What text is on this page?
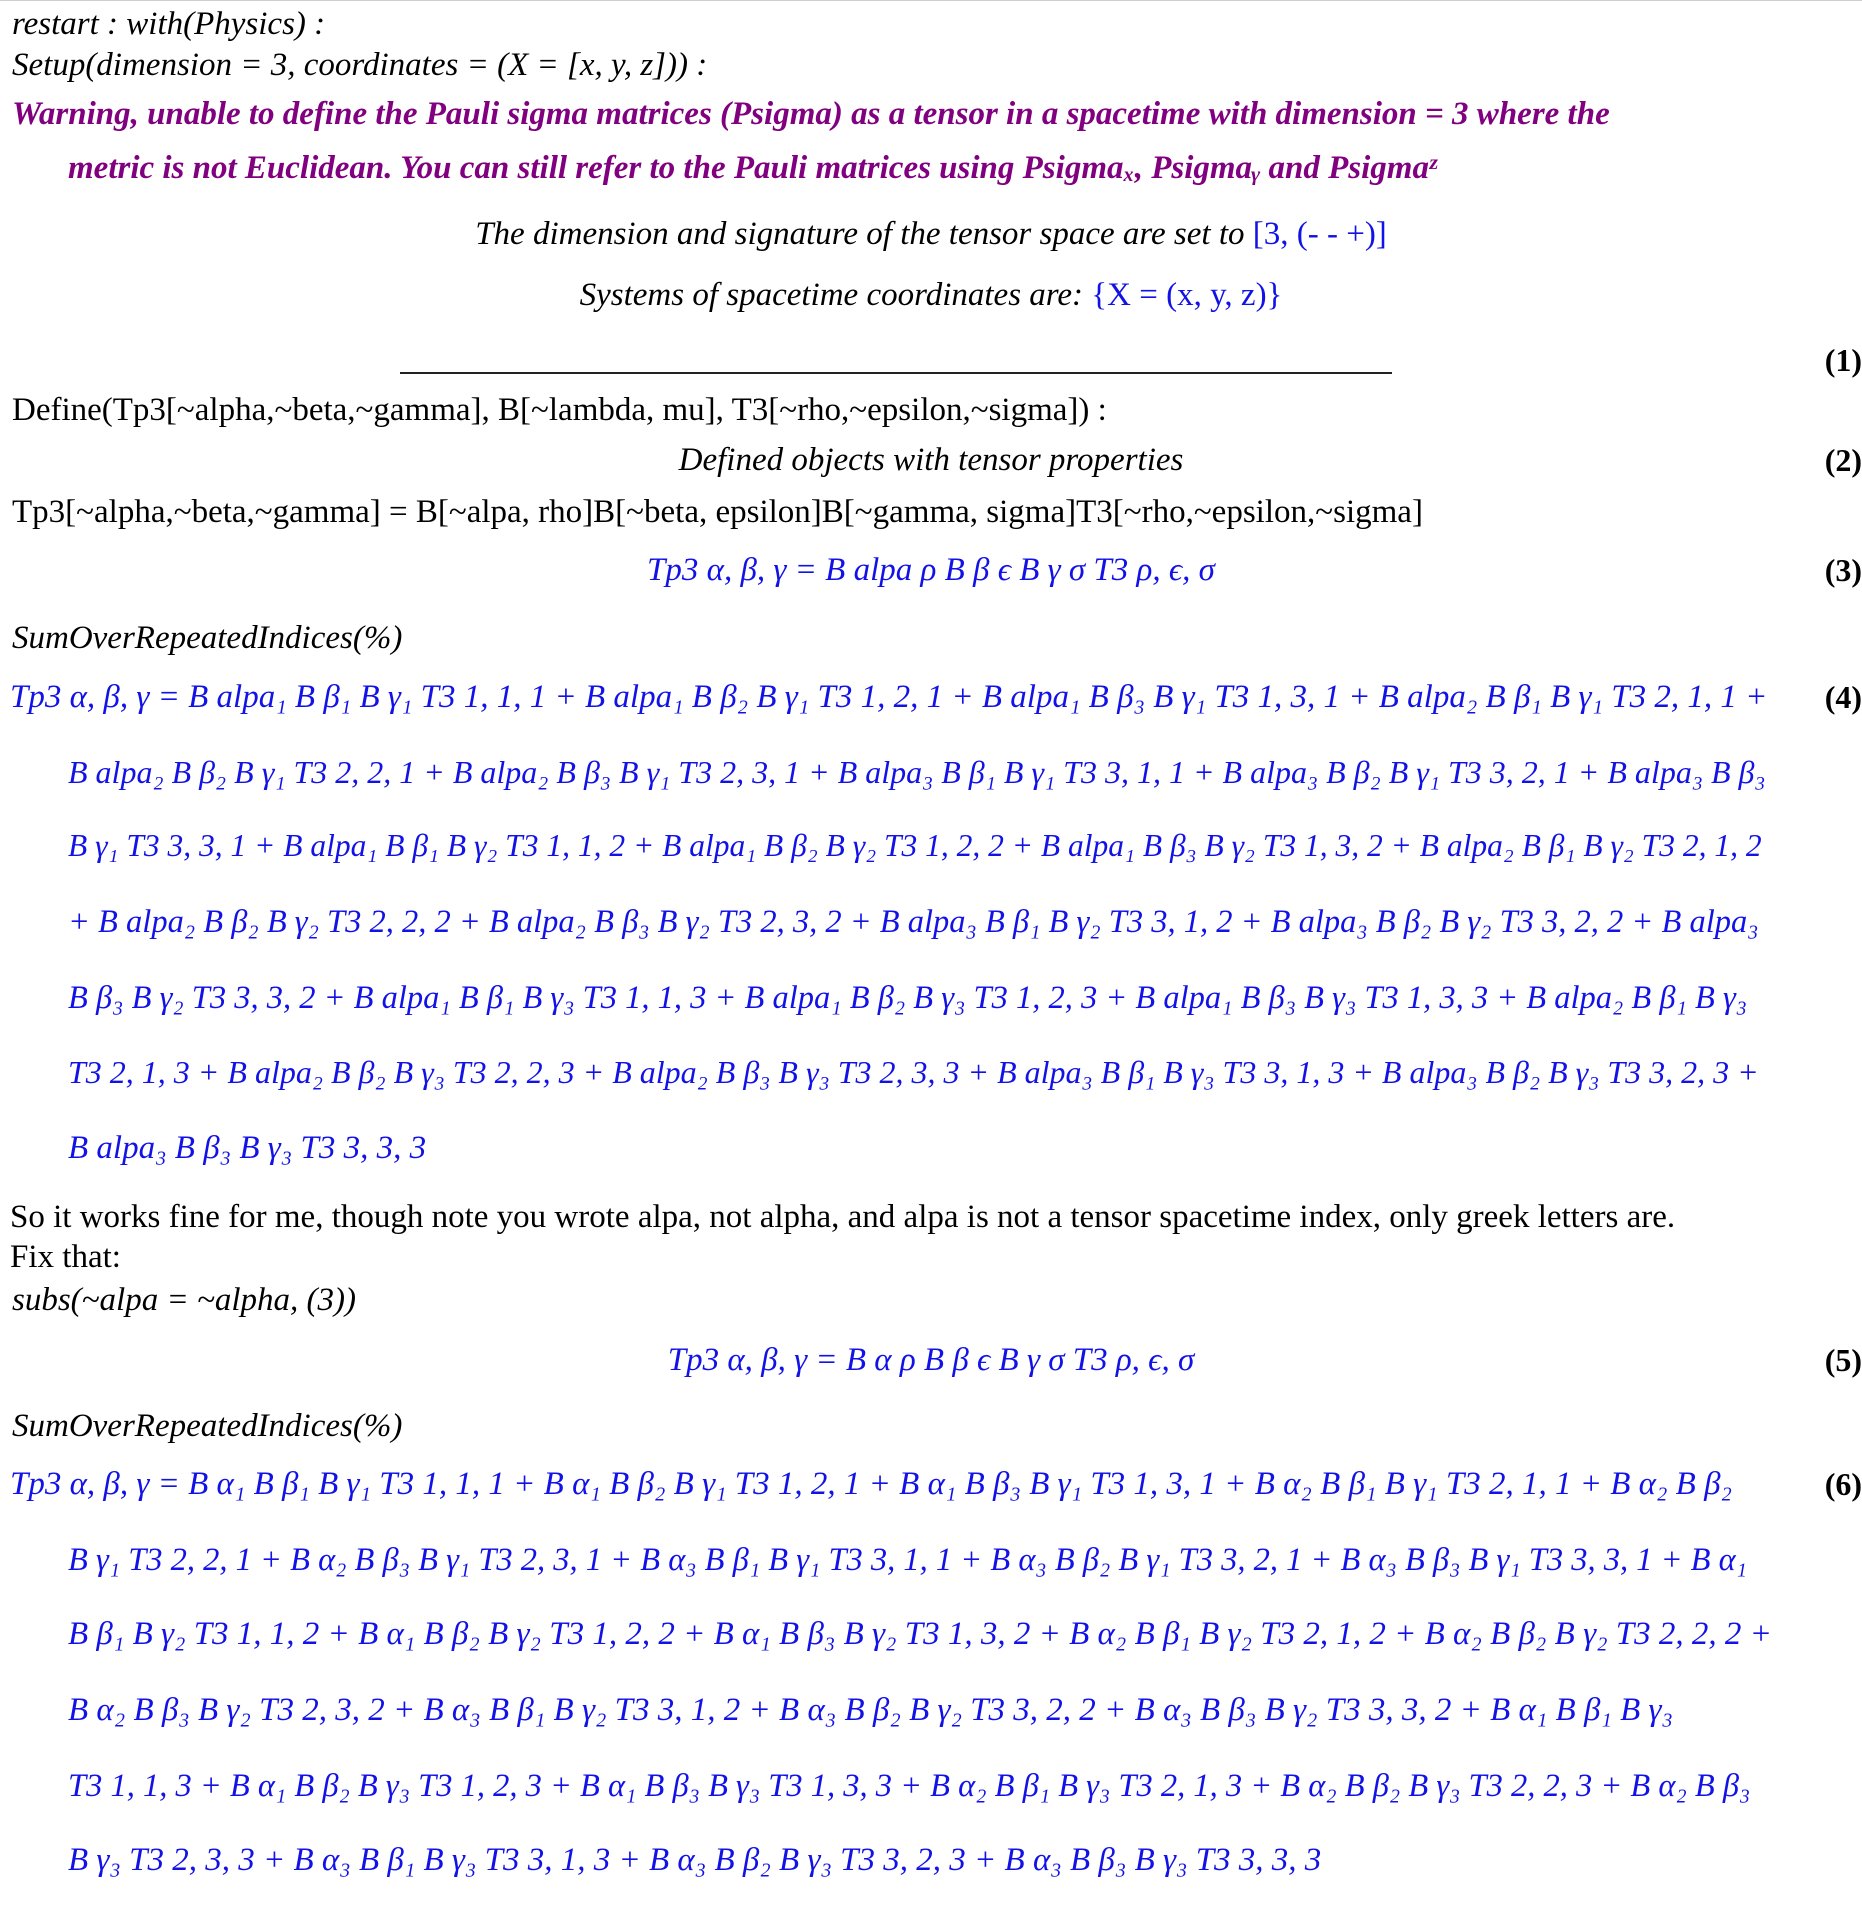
restart : with(Physics) :
Setup(dimension = 3, coordinates = (X = [x, y, z])) :
Warning, unable to define the Pauli sigma matrices (Psigma) as a tensor in a spacetime with dimension = 3 where the
metric is not Euclidean. You can still refer to the Pauli matrices using Psigmaₓ, Psigmaᵧ and Psigmaᶻ
The dimension and signature of the tensor space are set to [3, (- - +)]
Systems of spacetime coordinates are: {X = (x, y, z)}
(1)
Define(Tp3[~alpha,~beta,~gamma], B[~lambda, mu], T3[~rho,~epsilon,~sigma]) :
Defined objects with tensor properties	(2)
Tp3[~alpha,~beta,~gamma] = B[~alpa, rho]B[~beta, epsilon]B[~gamma, sigma]T3[~rho,~epsilon,~sigma]
Tp3 α, β, γ = B alpa ρ B β ϵ B γ σ T3 ρ, ϵ, σ	(3)
SumOverRepeatedIndices(%)
(4)
Tp3 α, β, γ = B alpa₁ B β₁ B γ₁ T3 1, 1, 1 + B alpa₁ B β₂ B γ₁ T3 1, 2, 1 + B alpa₁ B β₃ B γ₁ T3 1, 3, 1 + B alpa₂ B β₁ B γ₁ T3 2, 1, 1 +
B alpa₂ B β₂ B γ₁ T3 2, 2, 1 + B alpa₂ B β₃ B γ₁ T3 2, 3, 1 + B alpa₃ B β₁ B γ₁ T3 3, 1, 1 + B alpa₃ B β₂ B γ₁ T3 3, 2, 1 + B alpa₃ B β₃
B γ₁ T3 3, 3, 1 + B alpa₁ B β₁ B γ₂ T3 1, 1, 2 + B alpa₁ B β₂ B γ₂ T3 1, 2, 2 + B alpa₁ B β₃ B γ₂ T3 1, 3, 2 + B alpa₂ B β₁ B γ₂ T3 2, 1, 2
+ B alpa₂ B β₂ B γ₂ T3 2, 2, 2 + B alpa₂ B β₃ B γ₂ T3 2, 3, 2 + B alpa₃ B β₁ B γ₂ T3 3, 1, 2 + B alpa₃ B β₂ B γ₂ T3 3, 2, 2 + B alpa₃
B β₃ B γ₂ T3 3, 3, 2 + B alpa₁ B β₁ B γ₃ T3 1, 1, 3 + B alpa₁ B β₂ B γ₃ T3 1, 2, 3 + B alpa₁ B β₃ B γ₃ T3 1, 3, 3 + B alpa₂ B β₁ B γ₃
T3 2, 1, 3 + B alpa₂ B β₂ B γ₃ T3 2, 2, 3 + B alpa₂ B β₃ B γ₃ T3 2, 3, 3 + B alpa₃ B β₁ B γ₃ T3 3, 1, 3 + B alpa₃ B β₂ B γ₃ T3 3, 2, 3 +
B alpa₃ B β₃ B γ₃ T3 3, 3, 3
So it works fine for me, though note you wrote alpa, not alpha, and alpa is not a tensor spacetime index, only greek letters are.
Fix that:
subs(~alpa = ~alpha, (3))
Tp3 α, β, γ = B α ρ B β ϵ B γ σ T3 ρ, ϵ, σ	(5)
SumOverRepeatedIndices(%)
(6)
Tp3 α, β, γ = B α₁ B β₁ B γ₁ T3 1, 1, 1 + B α₁ B β₂ B γ₁ T3 1, 2, 1 + B α₁ B β₃ B γ₁ T3 1, 3, 1 + B α₂ B β₁ B γ₁ T3 2, 1, 1 + B α₂ B β₂
B γ₁ T3 2, 2, 1 + B α₂ B β₃ B γ₁ T3 2, 3, 1 + B α₃ B β₁ B γ₁ T3 3, 1, 1 + B α₃ B β₂ B γ₁ T3 3, 2, 1 + B α₃ B β₃ B γ₁ T3 3, 3, 1 + B α₁
B β₁ B γ₂ T3 1, 1, 2 + B α₁ B β₂ B γ₂ T3 1, 2, 2 + B α₁ B β₃ B γ₂ T3 1, 3, 2 + B α₂ B β₁ B γ₂ T3 2, 1, 2 + B α₂ B β₂ B γ₂ T3 2, 2, 2 +
B α₂ B β₃ B γ₂ T3 2, 3, 2 + B α₃ B β₁ B γ₂ T3 3, 1, 2 + B α₃ B β₂ B γ₂ T3 3, 2, 2 + B α₃ B β₃ B γ₂ T3 3, 3, 2 + B α₁ B β₁ B γ₃
T3 1, 1, 3 + B α₁ B β₂ B γ₃ T3 1, 2, 3 + B α₁ B β₃ B γ₃ T3 1, 3, 3 + B α₂ B β₁ B γ₃ T3 2, 1, 3 + B α₂ B β₂ B γ₃ T3 2, 2, 3 + B α₂ B β₃
B γ₃ T3 2, 3, 3 + B α₃ B β₁ B γ₃ T3 3, 1, 3 + B α₃ B β₂ B γ₃ T3 3, 2, 3 + B α₃ B β₃ B γ₃ T3 3, 3, 3
